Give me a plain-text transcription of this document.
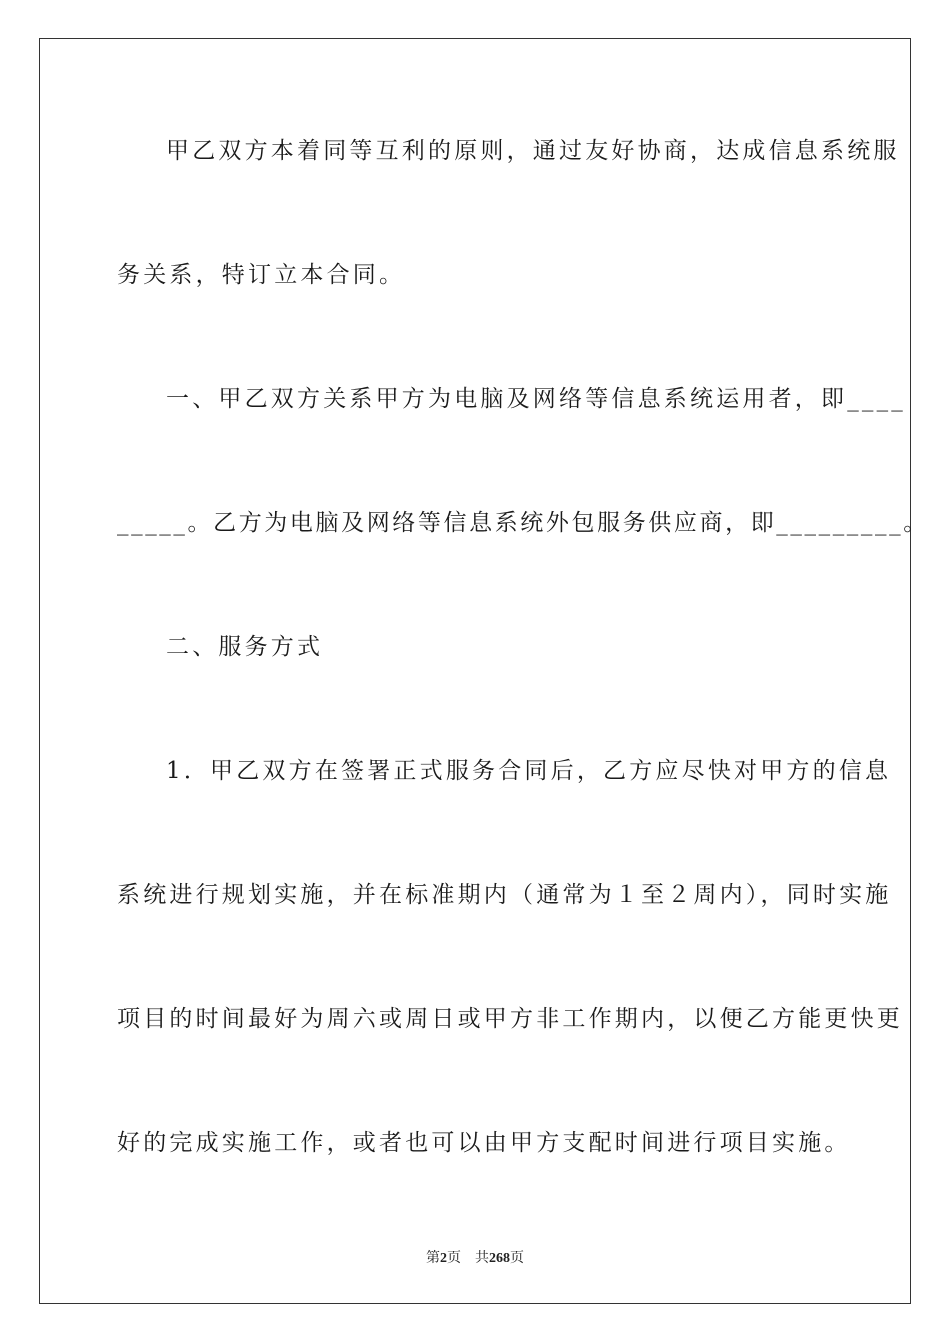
甲乙双方本着同等互利的原则，通过友好协商，达成信息系统服
务关系，特订立本合同。
一、甲乙双方关系甲方为电脑及网络等信息系统运用者，即____
_____。乙方为电脑及网络等信息系统外包服务供应商，即_________。
二、服务方式
1．甲乙双方在签署正式服务合同后，乙方应尽快对甲方的信息
系统进行规划实施，并在标准期内（通常为１至２周内），同时实施
项目的时间最好为周六或周日或甲方非工作期内，以便乙方能更快更
好的完成实施工作，或者也可以由甲方支配时间进行项目实施。
第2页 共268页
